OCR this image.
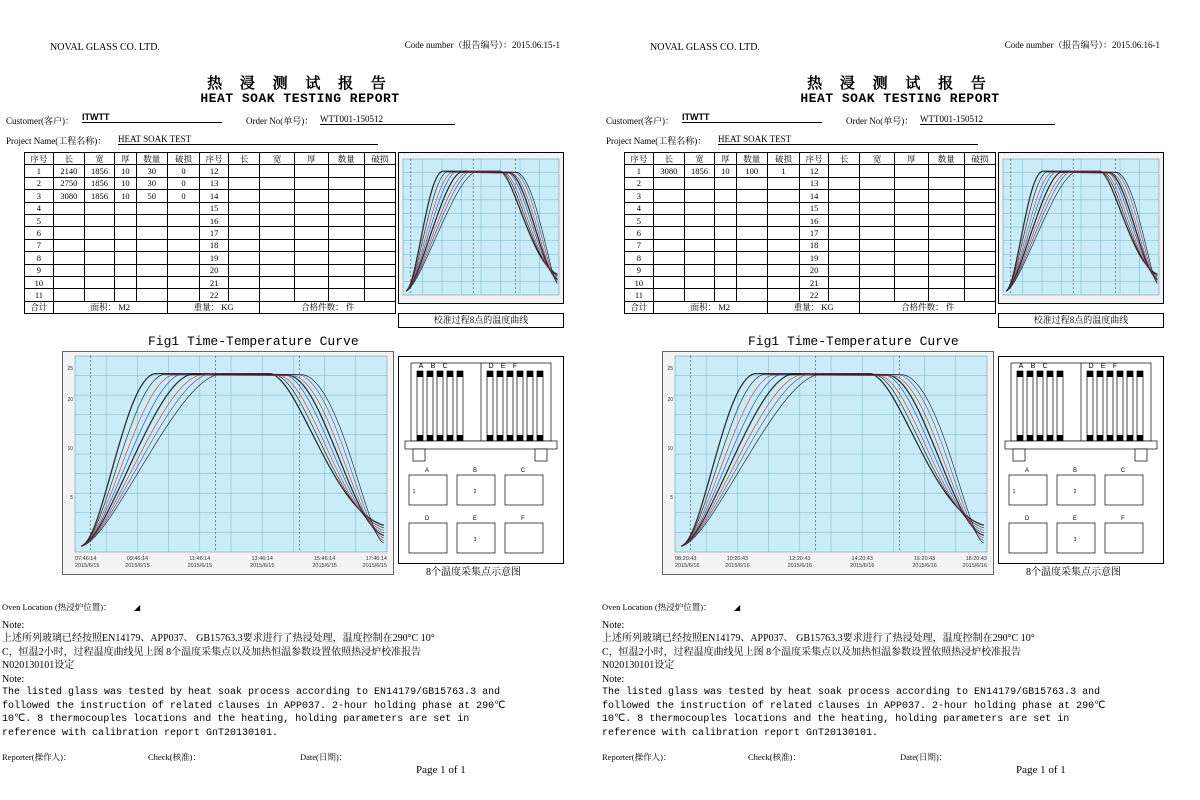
NOVAL GLASS CO. LTD.	Code number（报告编号）：2015.06.15-1
热 浸 测 试 报 告
HEAT SOAK TESTING REPORT
Customer(客户)： ITWTT	Order No(单号)： WTT001-150512
Project Name(工程名称)： HEAT SOAK TEST
序号	长	宽	厚	数量	破损	序号	长	宽	厚	数量	破损
1	2140	1856	10	30	0	12					
2	2750	1856	10	30	0	13					
3	3080	1856	10	50	0	14					
4						15					
5						16					
6						17					
7						18					
8						19					
9						20					
10						21					
11						22					
合计	面积： M2				重量： KG			合格件数： 件			
校准过程8点的温度曲线
Fig1 Time-Temperature Curve
07:46:14 2015/6/15
09:46:14 2015/6/15
11:46:14 2015/6/15
13:46:14 2015/6/15
15:46:14 2015/6/15
17:46:14 2015/6/15
25
20
10
5
A B C	D E F
A
1
B
2
C
D	E
3
F
8个温度采集点示意图
Oven Location (热浸炉位置)：	◢
Note:
上述所列玻璃已经按照EN14179、APP037、 GB15763.3要求进行了热浸处理，温度控制在290°C 10°
C，恒温2小时，过程温度曲线见上图 8个温度采集点以及加热恒温参数设置依照热浸炉校准报告
N020130101设定
Note:
The listed glass was tested by heat soak process according to EN14179/GB15763.3 and
followed the instruction of related clauses in APP037. 2-hour holding phase at 290℃
10℃. 8 thermocouples locations and the heating, holding parameters are set in
reference with calibration report GnT20130101.
Reporter(操作人)：	Check(核准)：	Date(日期)：
Page 1 of 1
NOVAL GLASS CO. LTD.	Code number（报告编号）：2015.06.16-1
热 浸 测 试 报 告
HEAT SOAK TESTING REPORT
Customer(客户)： ITWTT	Order No(单号)： WTT001-150512
Project Name(工程名称)： HEAT SOAK TEST
序号	长	宽	厚	数量	破损	序号	长	宽	厚	数量	破损
1	3080	1856	10	100	1	12					
2						13					
3						14					
4						15					
5						16					
6						17					
7						18					
8						19					
9						20					
10						21					
11						22					
合计	面积： M2				重量： KG			合格件数： 件			
校准过程8点的温度曲线
Fig1 Time-Temperature Curve
08:20:43 2015/6/16
10:20:43 2015/6/16
12:20:43 2015/6/16
14:20:43 2015/6/16
16:20:43 2015/6/16
18:20:43 2015/6/16
25
20
10
5
A B C	D E F
A
1
B
2
C
D	E
3
F
8个温度采集点示意图
Oven Location (热浸炉位置)：	◢
Note:
上述所列玻璃已经按照EN14179、APP037、 GB15763.3要求进行了热浸处理，温度控制在290°C 10°
C，恒温2小时，过程温度曲线见上图 8个温度采集点以及加热恒温参数设置依照热浸炉校准报告
N020130101设定
Note:
The listed glass was tested by heat soak process according to EN14179/GB15763.3 and
followed the instruction of related clauses in APP037. 2-hour holding phase at 290℃
10℃. 8 thermocouples locations and the heating, holding parameters are set in
reference with calibration report GnT20130101.
Reporter(操作人)：	Check(核准)：	Date(日期)：
Page 1 of 1
